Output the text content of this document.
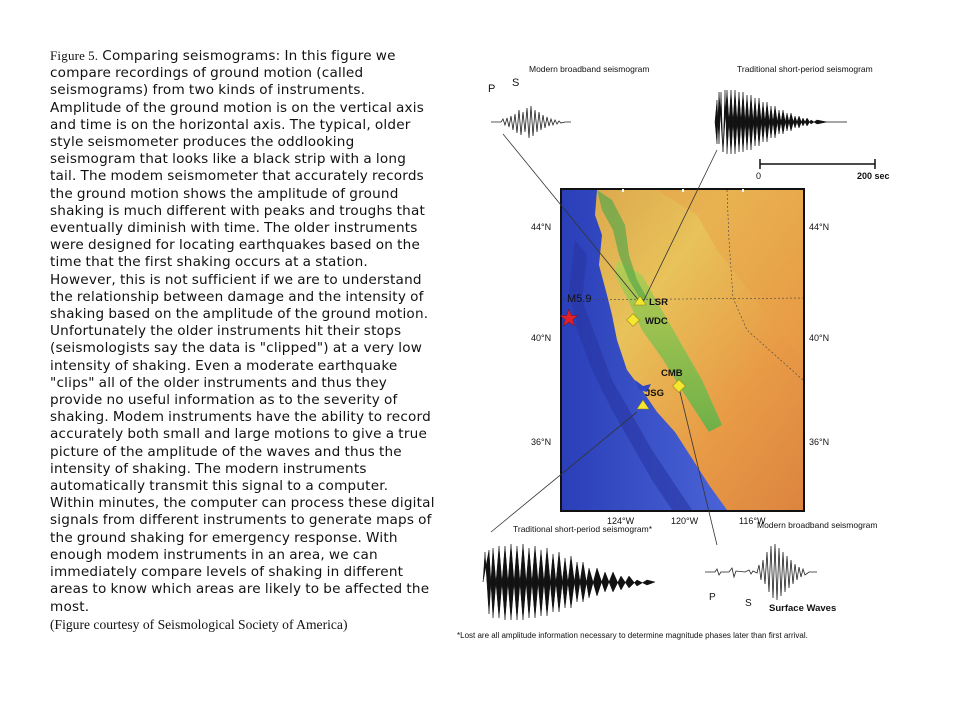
Figure 5. Comparing seismograms: In this figure we compare recordings of ground motion (called seismograms) from two kinds of instruments. Amplitude of the ground motion is on the vertical axis and time is on the horizontal axis. The typical, older style seismometer produces the oddlooking seismogram that looks like a black strip with a long tail. The modem seismometer that accurately records the ground motion shows the amplitude of ground shaking is much different with peaks and troughs that eventually diminish with time. The older instruments were designed for locating earthquakes based on the time that the first shaking occurs at a station. However, this is not sufficient if we are to understand the relationship between damage and the intensity of shaking based on the amplitude of the ground motion. Unfortunately the older instruments hit their stops (seismologists say the data is "clipped") at a very low intensity of shaking. Even a moderate earthquake "clips" all of the older instruments and thus they provide no useful information as to the severity of shaking. Modem instruments have the ability to record accurately both small and large motions to give a true picture of the amplitude of the waves and thus the intensity of shaking. The modern instruments automatically transmit this signal to a computer. Within minutes, the computer can process these digital signals from different instruments to generate maps of the ground shaking for emergency response. With enough modem instruments in an area, we can immediately compare levels of shaking in different areas to know which areas are likely to be affected the most.
(Figure courtesy of Seismological Society of America)
P S
Modern broadband seismogram	Traditional short-period seismogram
0	200 sec
44°N
40°N
36°N
44°N
40°N
36°N
124°W	120°W	116°W
M5.9	LSR
WDC
CMB
JSG
Traditional short-period seismogram*	Modern broadband seismogram
P
S Surface Waves
*Lost are all amplitude information necessary to determine magnitude phases later than first arrival.
